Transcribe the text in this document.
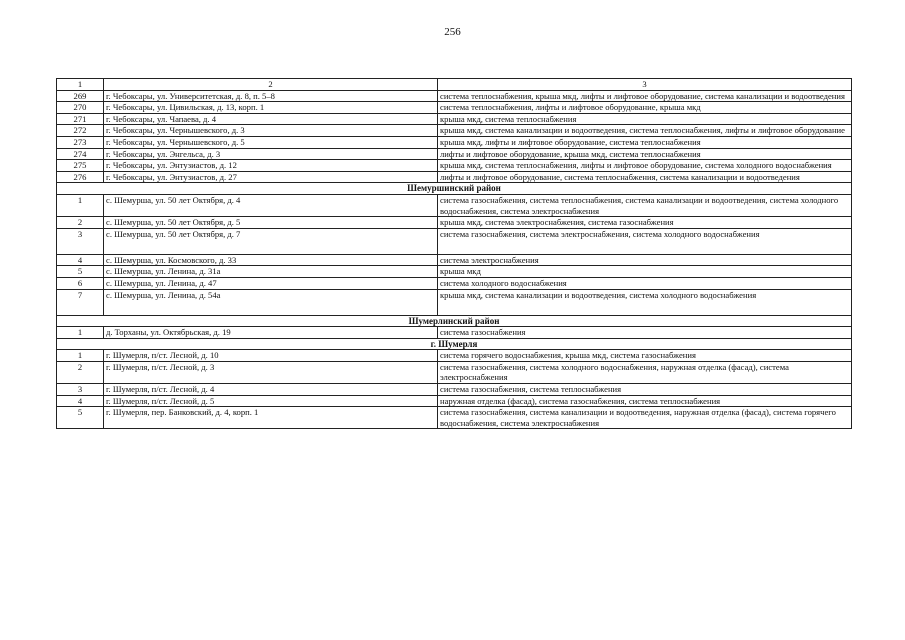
256
1	2	3
269	г. Чебоксары, ул. Университетская, д. 8, п. 5–8	система теплоснабжения, крыша мкд, лифты и лифтовое оборудование, система канализации и водоотведения
270	г. Чебоксары, ул. Цивильская, д. 13, корп. 1	система теплоснабжения, лифты и лифтовое оборудование, крыша мкд
271	г. Чебоксары, ул. Чапаева, д. 4	крыша мкд, система теплоснабжения
272	г. Чебоксары, ул. Чернышевского, д. 3	крыша мкд, система канализации и водоотведения, система теплоснабжения, лифты и лифтовое оборудование
273	г. Чебоксары, ул. Чернышевского, д. 5	крыша мкд, лифты и лифтовое оборудование, система теплоснабжения
274	г. Чебоксары, ул. Энгельса, д. 3	лифты и лифтовое оборудование, крыша мкд, система теплоснабжения
275	г. Чебоксары, ул. Энтузиастов, д. 12	крыша мкд, система теплоснабжения, лифты и лифтовое оборудование, система холодного водоснабжения
276	г. Чебоксары, ул. Энтузиастов, д. 27	лифты и лифтовое оборудование, система теплоснабжения, система канализации и водоотведения
Шемуршинский район		
1	с. Шемурша, ул. 50 лет Октября, д. 4	система газоснабжения, система теплоснабжения, система канализации и водоотведения, система холодного водоснабжения, система электроснабжения
2	с. Шемурша, ул. 50 лет Октября, д. 5	крыша мкд, система электроснабжения, система газоснабжения
3	с. Шемурша, ул. 50 лет Октября, д. 7	система газоснабжения, система электроснабжения, система холодного водоснабжения
4	с. Шемурша, ул. Космовского, д. 33	система электроснабжения
5	с. Шемурша, ул. Ленина, д. 31а	крыша мкд
6	с. Шемурша, ул. Ленина, д. 47	система холодного водоснабжения
7	с. Шемурша, ул. Ленина, д. 54а	крыша мкд, система канализации и водоотведения, система холодного водоснабжения
Шумерлинский район		
1	д. Торханы, ул. Октябрьская, д. 19	система газоснабжения
г. Шумерля		
1	г. Шумерля, п/ст. Лесной, д. 10	система горячего водоснабжения, крыша мкд, система газоснабжения
2	г. Шумерля, п/ст. Лесной, д. 3	система газоснабжения, система холодного водоснабжения, наружная отделка (фасад), система электроснабжения
3	г. Шумерля, п/ст. Лесной, д. 4	система газоснабжения, система теплоснабжения
4	г. Шумерля, п/ст. Лесной, д. 5	наружная отделка (фасад), система газоснабжения, система теплоснабжения
5	г. Шумерля, пер. Банковский, д. 4, корп. 1	система газоснабжения, система канализации и водоотведения, наружная отделка (фасад), система горячего водоснабжения, система электроснабжения
